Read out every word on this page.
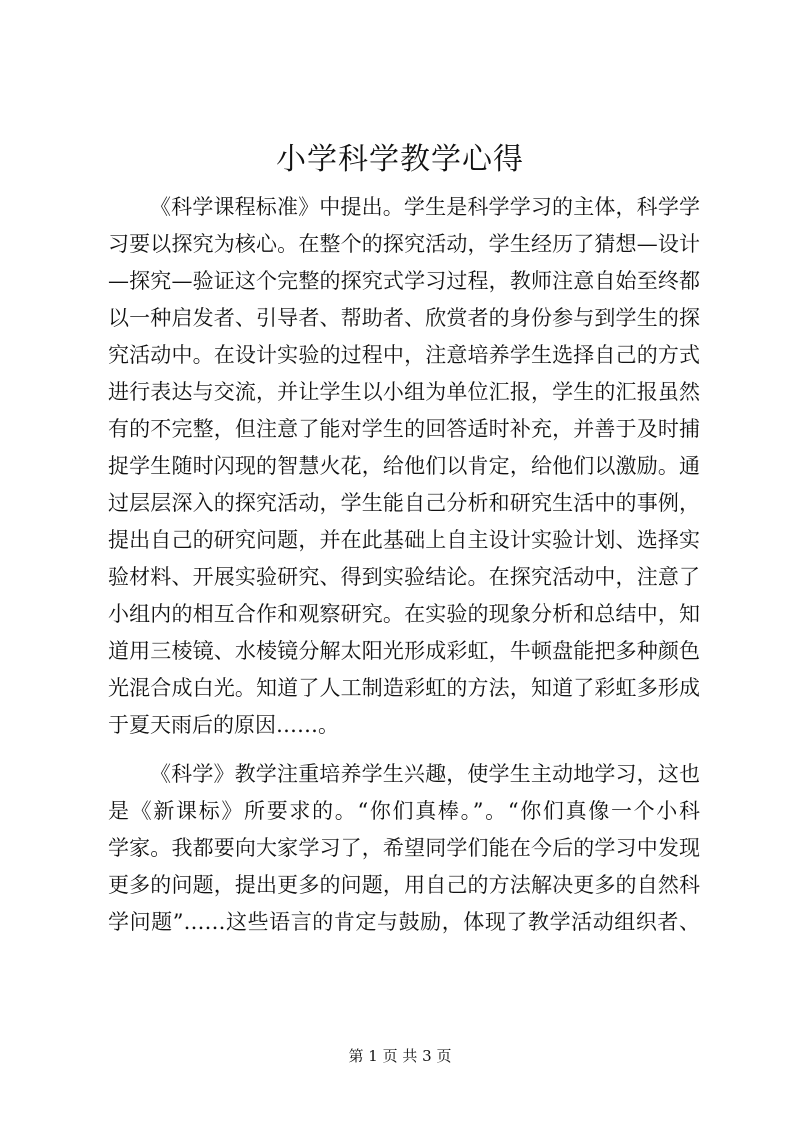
小学科学教学心得
《科学课程标准》中提出。学生是科学学习的主体，科学学
习要以探究为核心。在整个的探究活动，学生经历了猜想—设计
—探究—验证这个完整的探究式学习过程，教师注意自始至终都
以一种启发者、引导者、帮助者、欣赏者的身份参与到学生的探
究活动中。在设计实验的过程中，注意培养学生选择自己的方式
进行表达与交流，并让学生以小组为单位汇报，学生的汇报虽然
有的不完整，但注意了能对学生的回答适时补充，并善于及时捕
捉学生随时闪现的智慧火花，给他们以肯定，给他们以激励。通
过层层深入的探究活动，学生能自己分析和研究生活中的事例，
提出自己的研究问题，并在此基础上自主设计实验计划、选择实
验材料、开展实验研究、得到实验结论。在探究活动中，注意了
小组内的相互合作和观察研究。在实验的现象分析和总结中，知
道用三棱镜、水棱镜分解太阳光形成彩虹，牛顿盘能把多种颜色
光混合成白光。知道了人工制造彩虹的方法，知道了彩虹多形成
于夏天雨后的原因……。
《科学》教学注重培养学生兴趣，使学生主动地学习，这也
是《新课标》所要求的。“你们真棒。”。“你们真像一个小科
学家。我都要向大家学习了，希望同学们能在今后的学习中发现
更多的问题，提出更多的问题，用自己的方法解决更多的自然科
学问题”……这些语言的肯定与鼓励，体现了教学活动组织者、
第 1 页 共 3 页
